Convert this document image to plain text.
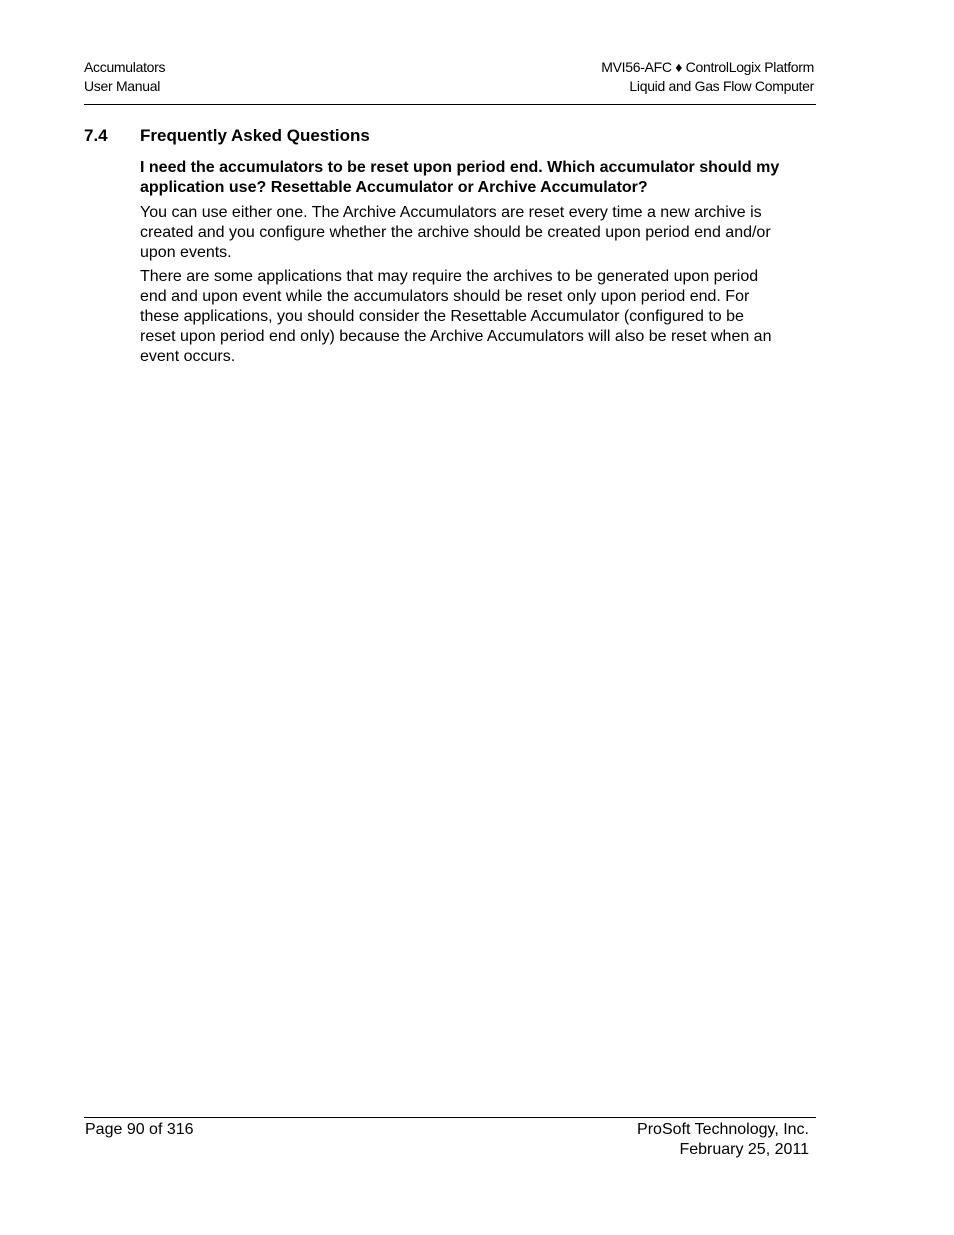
Accumulators
User Manual
MVI56-AFC ♦ ControlLogix Platform
Liquid and Gas Flow Computer
7.4 Frequently Asked Questions

I need the accumulators to be reset upon period end. Which accumulator should my application use? Resettable Accumulator or Archive Accumulator?

You can use either one. The Archive Accumulators are reset every time a new archive is created and you configure whether the archive should be created upon period end and/or upon events.

There are some applications that may require the archives to be generated upon period end and upon event while the accumulators should be reset only upon period end. For these applications, you should consider the Resettable Accumulator (configured to be reset upon period end only) because the Archive Accumulators will also be reset when an event occurs.

Page 90 of 316	ProSoft Technology, Inc.
February 25, 2011
